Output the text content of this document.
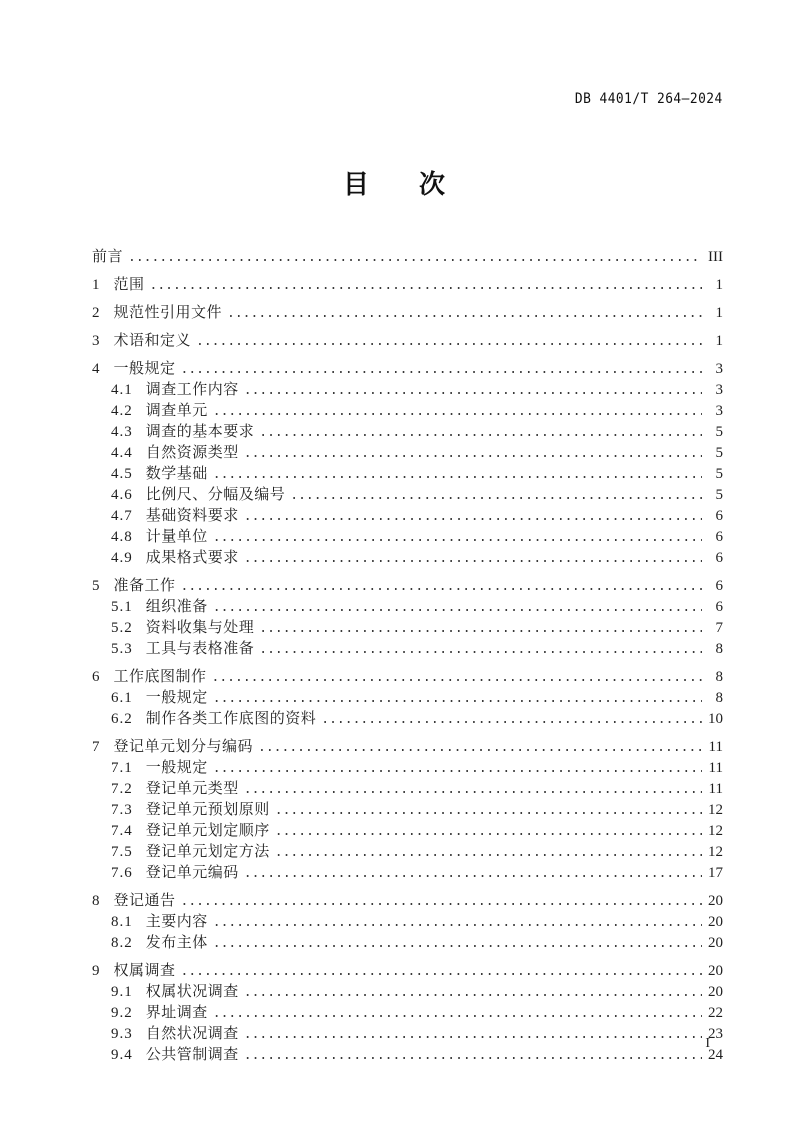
DB 4401/T 264—2024
目　次
前言 .....	III
1 范围 .....	1
2 规范性引用文件 .....	1
3 术语和定义 .....	1
4 一般规定 .....	3
4.1 调查工作内容 .....	3
4.2 调查单元 .....	3
4.3 调查的基本要求 .....	5
4.4 自然资源类型 .....	5
4.5 数学基础 .....	5
4.6 比例尺、分幅及编号 .....	5
4.7 基础资料要求 .....	6
4.8 计量单位 .....	6
4.9 成果格式要求 .....	6
5 准备工作 .....	6
5.1 组织准备 .....	6
5.2 资料收集与处理 .....	7
5.3 工具与表格准备 .....	8
6 工作底图制作 .....	8
6.1 一般规定 .....	8
6.2 制作各类工作底图的资料 .....	10
7 登记单元划分与编码 .....	11
7.1 一般规定 .....	11
7.2 登记单元类型 .....	11
7.3 登记单元预划原则 .....	12
7.4 登记单元划定顺序 .....	12
7.5 登记单元划定方法 .....	12
7.6 登记单元编码 .....	17
8 登记通告 .....	20
8.1 主要内容 .....	20
8.2 发布主体 .....	20
9 权属调查 .....	20
9.1 权属状况调查 .....	20
9.2 界址调查 .....	22
9.3 自然状况调查 .....	23
9.4 公共管制调查 .....	24
I
